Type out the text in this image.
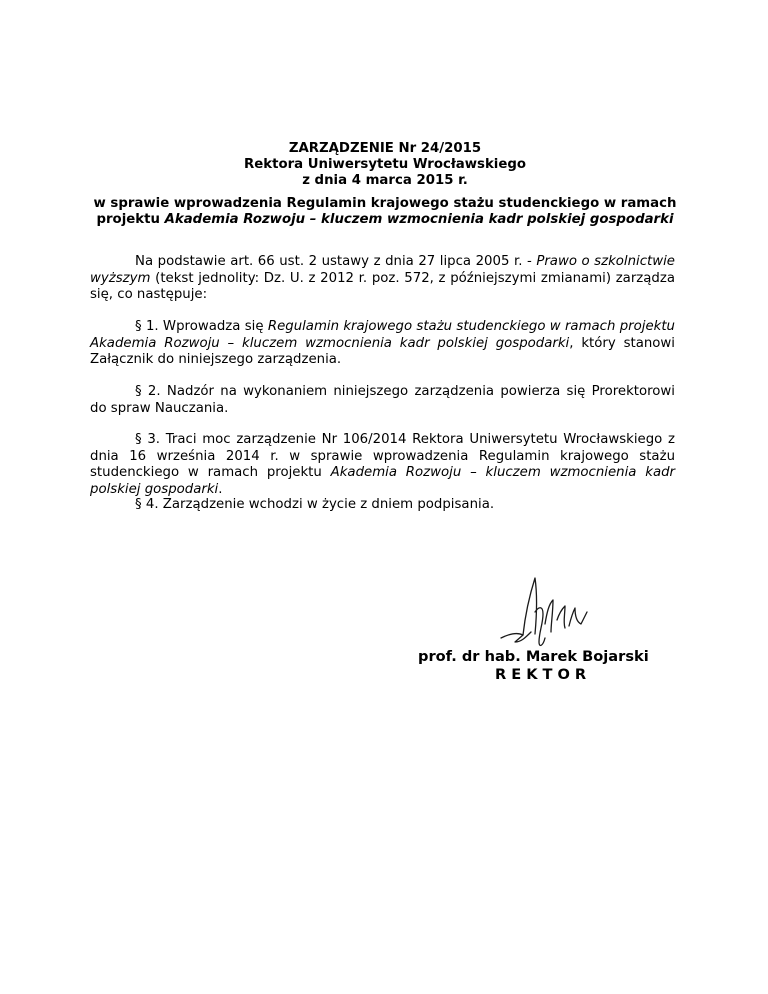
ZARZĄDZENIE Nr 24/2015
Rektora Uniwersytetu Wrocławskiego
z dnia 4 marca 2015 r.
w sprawie wprowadzenia Regulamin krajowego stażu studenckiego w ramach
projektu Akademia Rozwoju – kluczem wzmocnienia kadr polskiej gospodarki
Na podstawie art. 66 ust. 2 ustawy z dnia 27 lipca 2005 r. - Prawo o szkolnictwie wyższym (tekst jednolity: Dz. U. z 2012 r. poz. 572, z późniejszymi zmianami) zarządza się, co następuje:
§ 1. Wprowadza się Regulamin krajowego stażu studenckiego w ramach projektu Akademia Rozwoju – kluczem wzmocnienia kadr polskiej gospodarki, który stanowi Załącznik do niniejszego zarządzenia.
§ 2. Nadzór na wykonaniem niniejszego zarządzenia powierza się Prorektorowi do spraw Nauczania.
§ 3. Traci moc zarządzenie Nr 106/2014 Rektora Uniwersytetu Wrocławskiego z dnia 16 września 2014 r. w sprawie wprowadzenia Regulamin krajowego stażu studenckiego w ramach projektu Akademia Rozwoju – kluczem wzmocnienia kadr polskiej gospodarki.
§ 4. Zarządzenie wchodzi w życie z dniem podpisania.
prof. dr hab. Marek Bojarski
REKTOR
